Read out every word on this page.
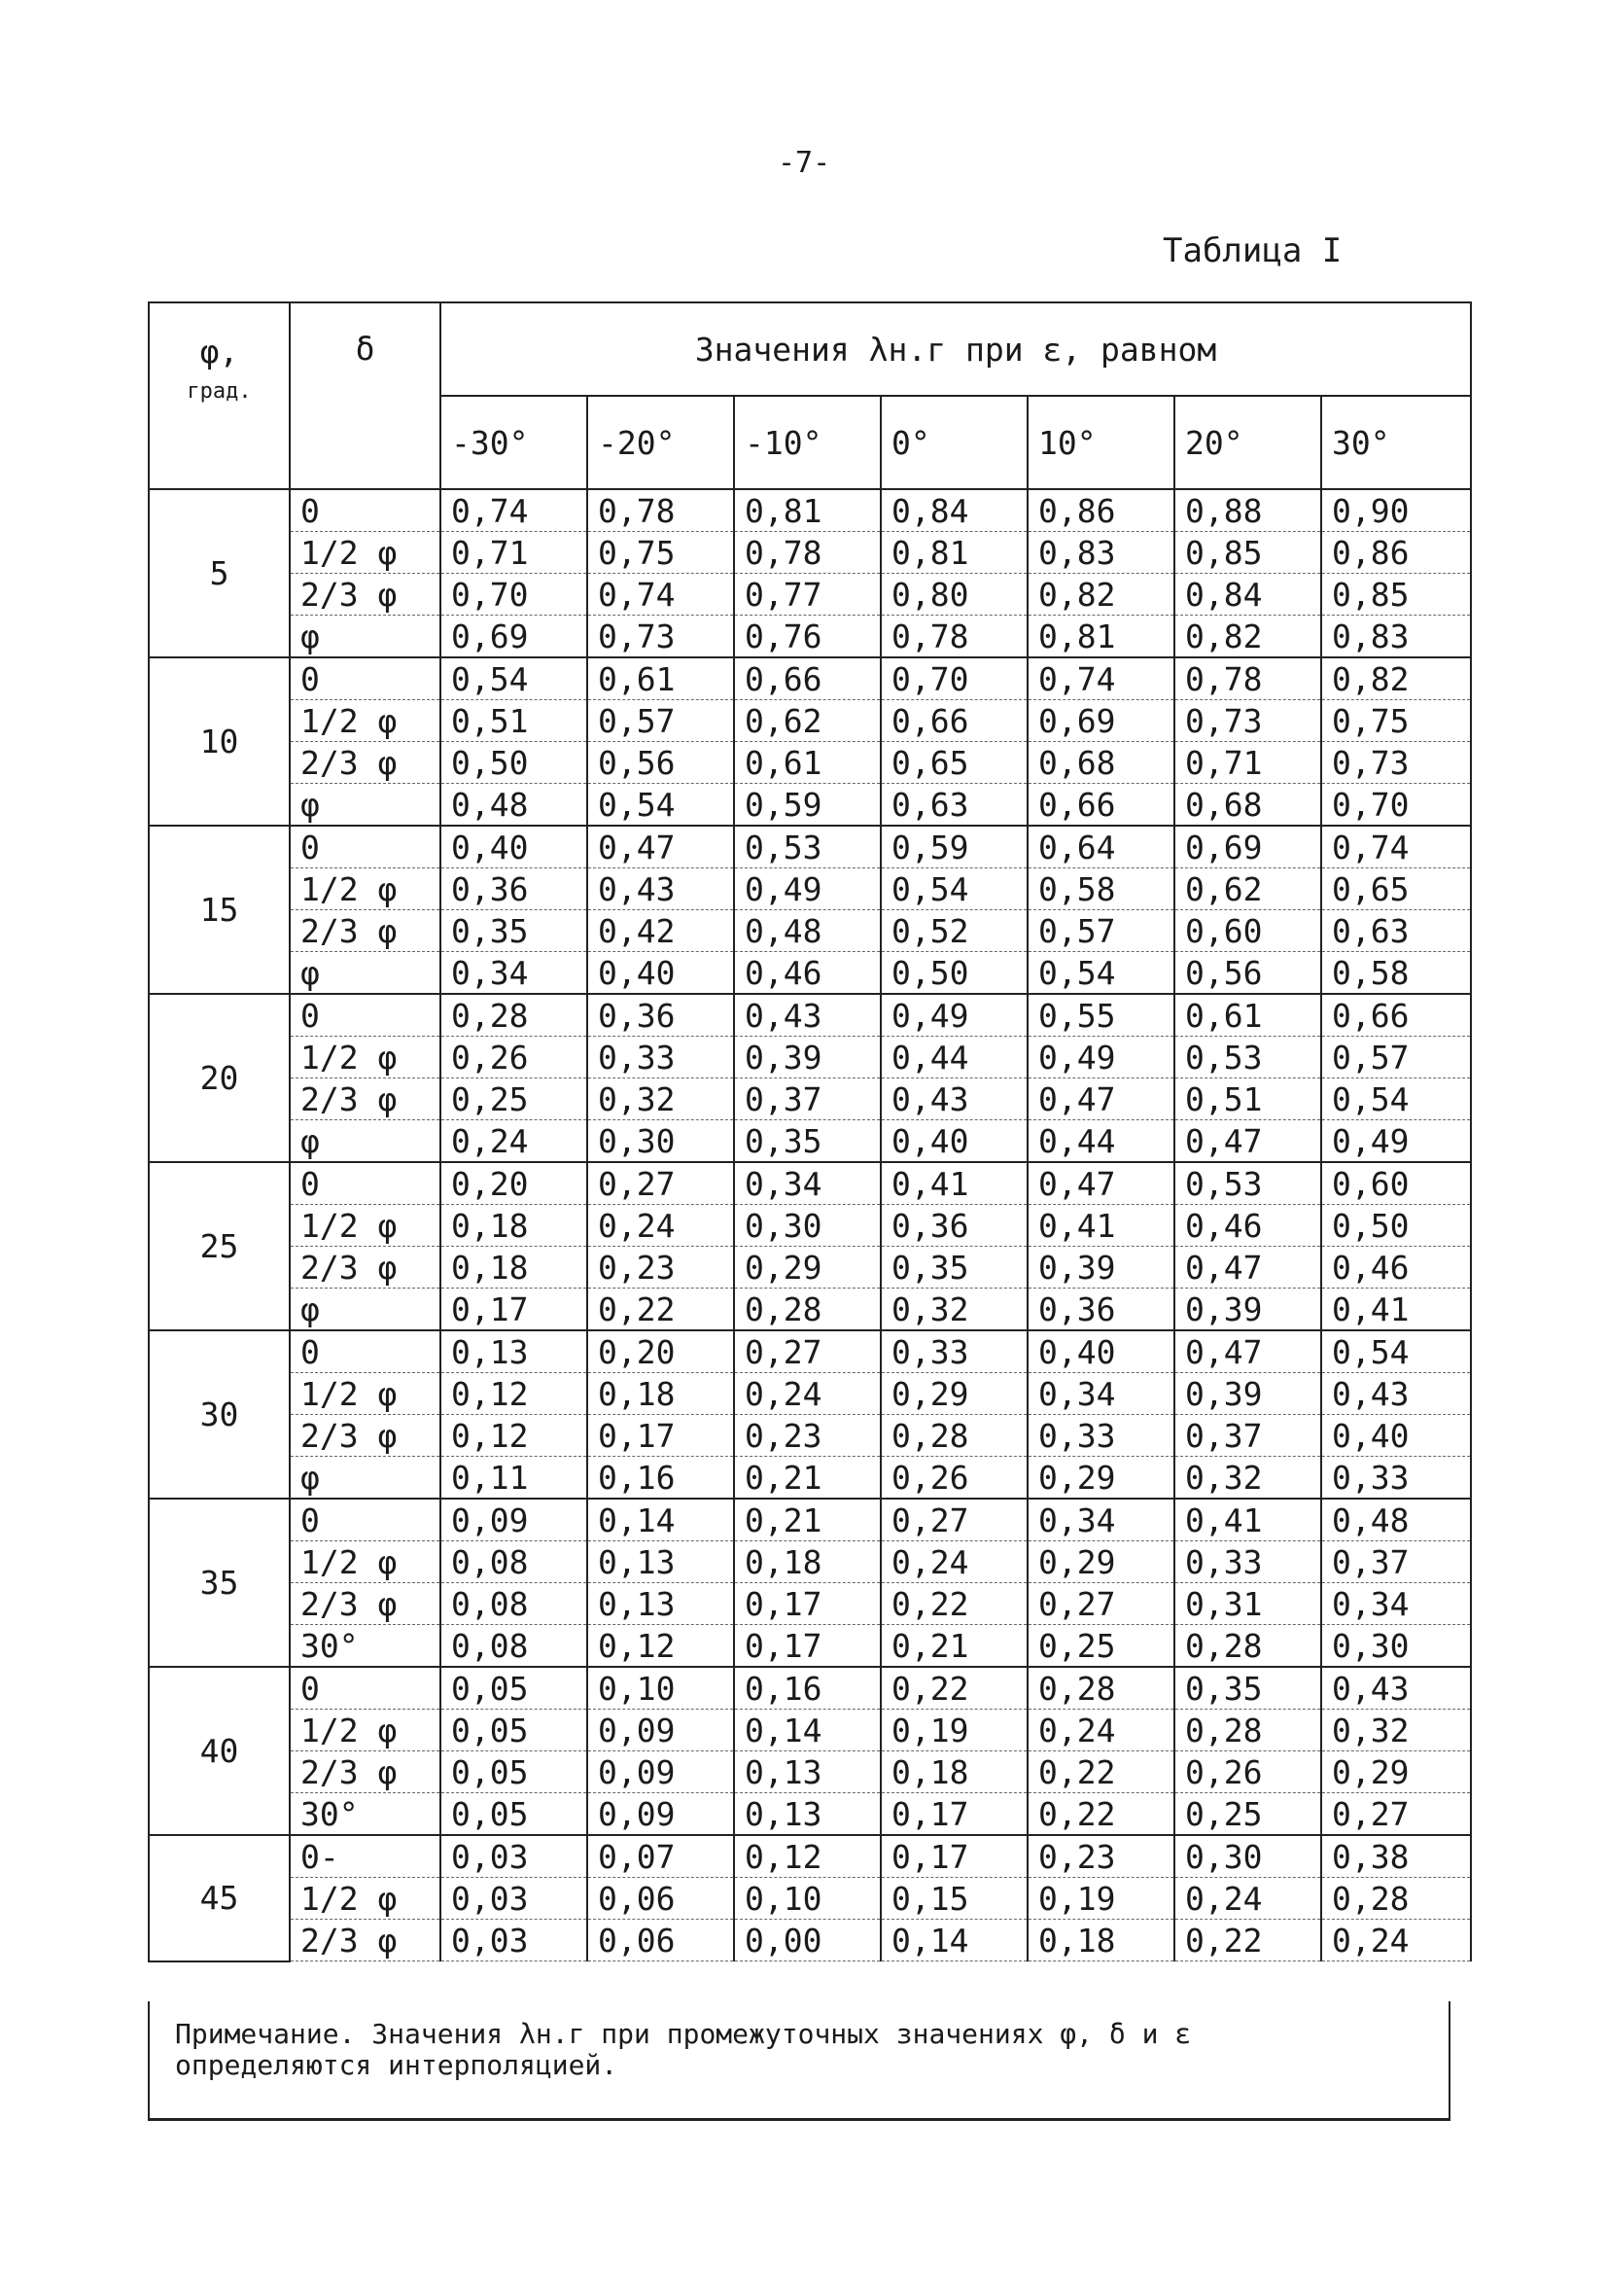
-7-
Таблица I
φ,
град.	δ	Значения λн.г при ε, равном						
		-30°	-20°	-10°	0°	10°	20°	30°
5	0	0,74	0,78	0,81	0,84	0,86	0,88	0,90
	1/2 φ	0,71	0,75	0,78	0,81	0,83	0,85	0,86
	2/3 φ	0,70	0,74	0,77	0,80	0,82	0,84	0,85
	φ	0,69	0,73	0,76	0,78	0,81	0,82	0,83
10	0	0,54	0,61	0,66	0,70	0,74	0,78	0,82
	1/2 φ	0,51	0,57	0,62	0,66	0,69	0,73	0,75
	2/3 φ	0,50	0,56	0,61	0,65	0,68	0,71	0,73
	φ	0,48	0,54	0,59	0,63	0,66	0,68	0,70
15	0	0,40	0,47	0,53	0,59	0,64	0,69	0,74
	1/2 φ	0,36	0,43	0,49	0,54	0,58	0,62	0,65
	2/3 φ	0,35	0,42	0,48	0,52	0,57	0,60	0,63
	φ	0,34	0,40	0,46	0,50	0,54	0,56	0,58
20	0	0,28	0,36	0,43	0,49	0,55	0,61	0,66
	1/2 φ	0,26	0,33	0,39	0,44	0,49	0,53	0,57
	2/3 φ	0,25	0,32	0,37	0,43	0,47	0,51	0,54
	φ	0,24	0,30	0,35	0,40	0,44	0,47	0,49
25	0	0,20	0,27	0,34	0,41	0,47	0,53	0,60
	1/2 φ	0,18	0,24	0,30	0,36	0,41	0,46	0,50
	2/3 φ	0,18	0,23	0,29	0,35	0,39	0,47	0,46
	φ	0,17	0,22	0,28	0,32	0,36	0,39	0,41
30	0	0,13	0,20	0,27	0,33	0,40	0,47	0,54
	1/2 φ	0,12	0,18	0,24	0,29	0,34	0,39	0,43
	2/3 φ	0,12	0,17	0,23	0,28	0,33	0,37	0,40
	φ	0,11	0,16	0,21	0,26	0,29	0,32	0,33
35	0	0,09	0,14	0,21	0,27	0,34	0,41	0,48
	1/2 φ	0,08	0,13	0,18	0,24	0,29	0,33	0,37
	2/3 φ	0,08	0,13	0,17	0,22	0,27	0,31	0,34
	30°	0,08	0,12	0,17	0,21	0,25	0,28	0,30
40	0	0,05	0,10	0,16	0,22	0,28	0,35	0,43
	1/2 φ	0,05	0,09	0,14	0,19	0,24	0,28	0,32
	2/3 φ	0,05	0,09	0,13	0,18	0,22	0,26	0,29
	30°	0,05	0,09	0,13	0,17	0,22	0,25	0,27
45	0-	0,03	0,07	0,12	0,17	0,23	0,30	0,38
	1/2 φ	0,03	0,06	0,10	0,15	0,19	0,24	0,28
	2/3 φ	0,03	0,06	0,00	0,14	0,18	0,22	0,24
Примечание. Значения λн.г при промежуточных значениях φ, δ и ε
определяются интерполяцией.
